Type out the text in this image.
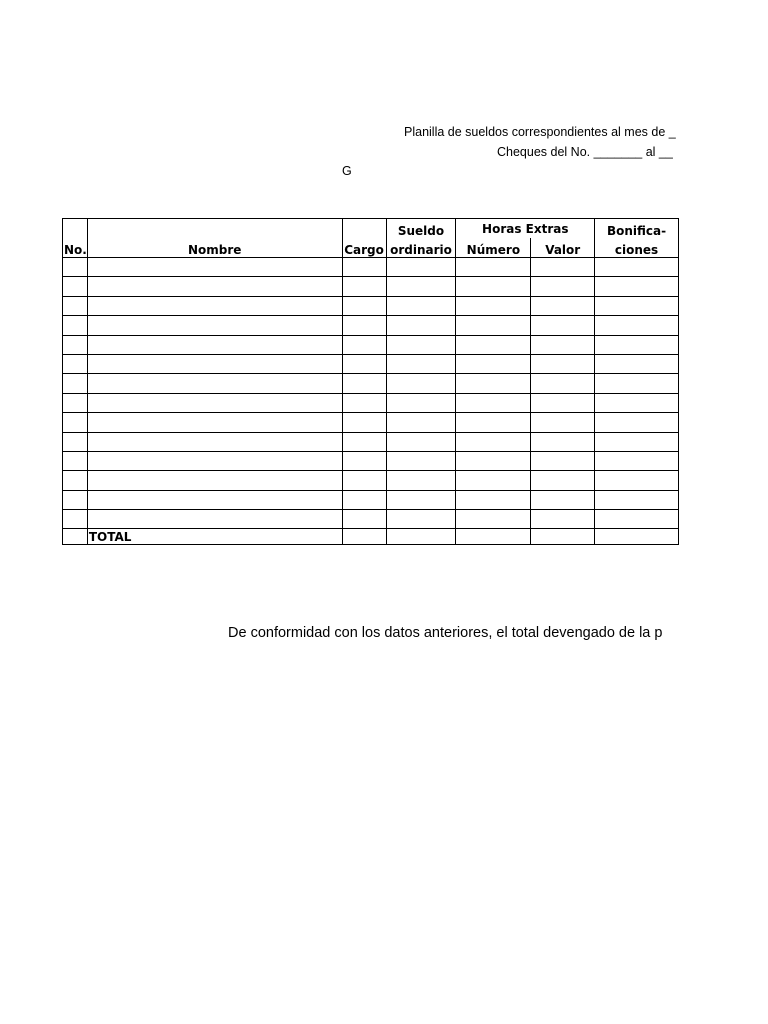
Planilla de sueldos correspondientes al mes de _
Cheques del No. _______ al __
G
			Sueldo	Horas Extras		Bonifica-
No.	Nombre	Cargo	ordinario	Número	Valor	ciones

	TOTAL					
De conformidad con los datos anteriores, el total devengado de la p
